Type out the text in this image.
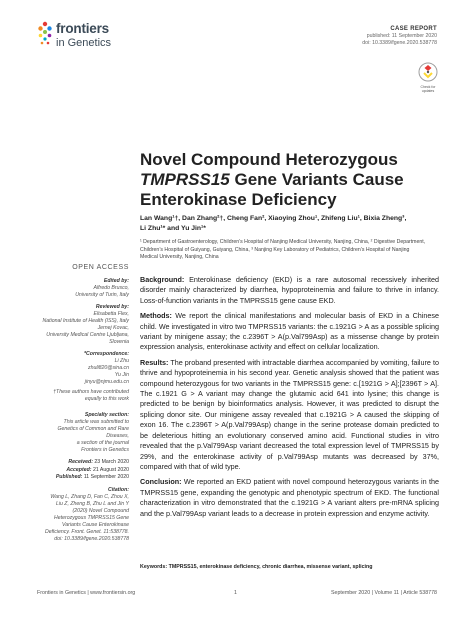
frontiers
in Genetics
CASE REPORT
published: 11 September 2020
doi: 10.3389/fgene.2020.538778
Check for updates
Novel Compound Heterozygous
TMPRSS15 Gene Variants Cause
Enterokinase Deficiency
Lan Wang¹†, Dan Zhang²†, Cheng Fan², Xiaoying Zhou¹, Zhifeng Liu¹, Bixia Zheng³,
Li Zhu¹* and Yu Jin¹*
¹ Department of Gastroenterology, Children’s Hospital of Nanjing Medical University, Nanjing, China, ² Digestive Department,
Children’s Hospital of Guiyang, Guiyang, China, ³ Nanjing Key Laboratory of Pediatrics, Children’s Hospital of Nanjing
Medical University, Nanjing, China
OPEN ACCESS
Edited by:
Alfredo Brusco,
University of Turin, Italy
Reviewed by:
Elisabetta Flex,
National Institute of Health (ISS), Italy
Jernej Kovac,
University Medical Centre Ljubljana,
Slovenia
*Correspondence:
Li Zhu
zhuli820@sina.cn
Yu Jin
jinyu@njmu.edu.cn
†These authors have contributed
equally to this work
Specialty section:
This article was submitted to
Genetics of Common and Rare
Diseases,
a section of the journal
Frontiers in Genetics
Received: 23 March 2020
Accepted: 21 August 2020
Published: 11 September 2020
Citation:
Wang L, Zhang D, Fan C, Zhou X,
Liu Z, Zheng B, Zhu L and Jin Y
(2020) Novel Compound
Heterozygous TMPRSS15 Gene
Variants Cause Enterokinase
Deficiency. Front. Genet. 11:538778.
doi: 10.3389/fgene.2020.538778

Background: Enterokinase deficiency (EKD) is a rare autosomal recessively inherited disorder mainly characterized by diarrhea, hypoproteinemia and failure to thrive in infancy. Loss-of-function variants in the TMPRSS15 gene cause EKD.

Methods: We report the clinical manifestations and molecular basis of EKD in a Chinese child. We investigated in vitro two TMPRSS15 variants: the c.1921G > A as a possible splicing variant by minigene assay; the c.2396T > A(p.Val799Asp) as a missense change by protein expression analysis, enterokinase activity and effect on cellular localization.

Results: The proband presented with intractable diarrhea accompanied by vomiting, failure to thrive and hypoproteinemia in his second year. Genetic analysis showed that the patient was compound heterozygous for two variants in the TMPRSS15 gene: c.[1921G > A];[2396T > A]. The c.1921 G > A variant may change the glutamic acid 641 into lysine; this change is predicted to be benign by bioinformatics analysis. However, it was predicted to disrupt the splicing donor site. Our minigene assay revealed that c.1921G > A caused the skipping of exon 16. The c.2396T > A(p.Val799Asp) change in the serine protease domain predicted to be deleterious hitting an evolutionary conserved amino acid. Functional studies in vitro revealed that the p.Val799Asp variant decreased the total expression level of TMPRSS15 by 29%, and the enterokinase activity of p.Val799Asp mutants was decreased by 37%, compared with that of wild type.

Conclusion: We reported an EKD patient with novel compound heterozygous variants in the TMPRSS15 gene, expanding the genotypic and phenotypic spectrum of EKD. The functional characterization in vitro demonstrated that the c.1921G > A variant alters pre-mRNA splicing and the p.Val799Asp variant leads to a decrease in protein expression and enzyme activity.

Keywords: TMPRSS15, enterokinase deficiency, chronic diarrhea, missense variant, splicing
Frontiers in Genetics | www.frontiersin.org	1	September 2020 | Volume 11 | Article 538778
